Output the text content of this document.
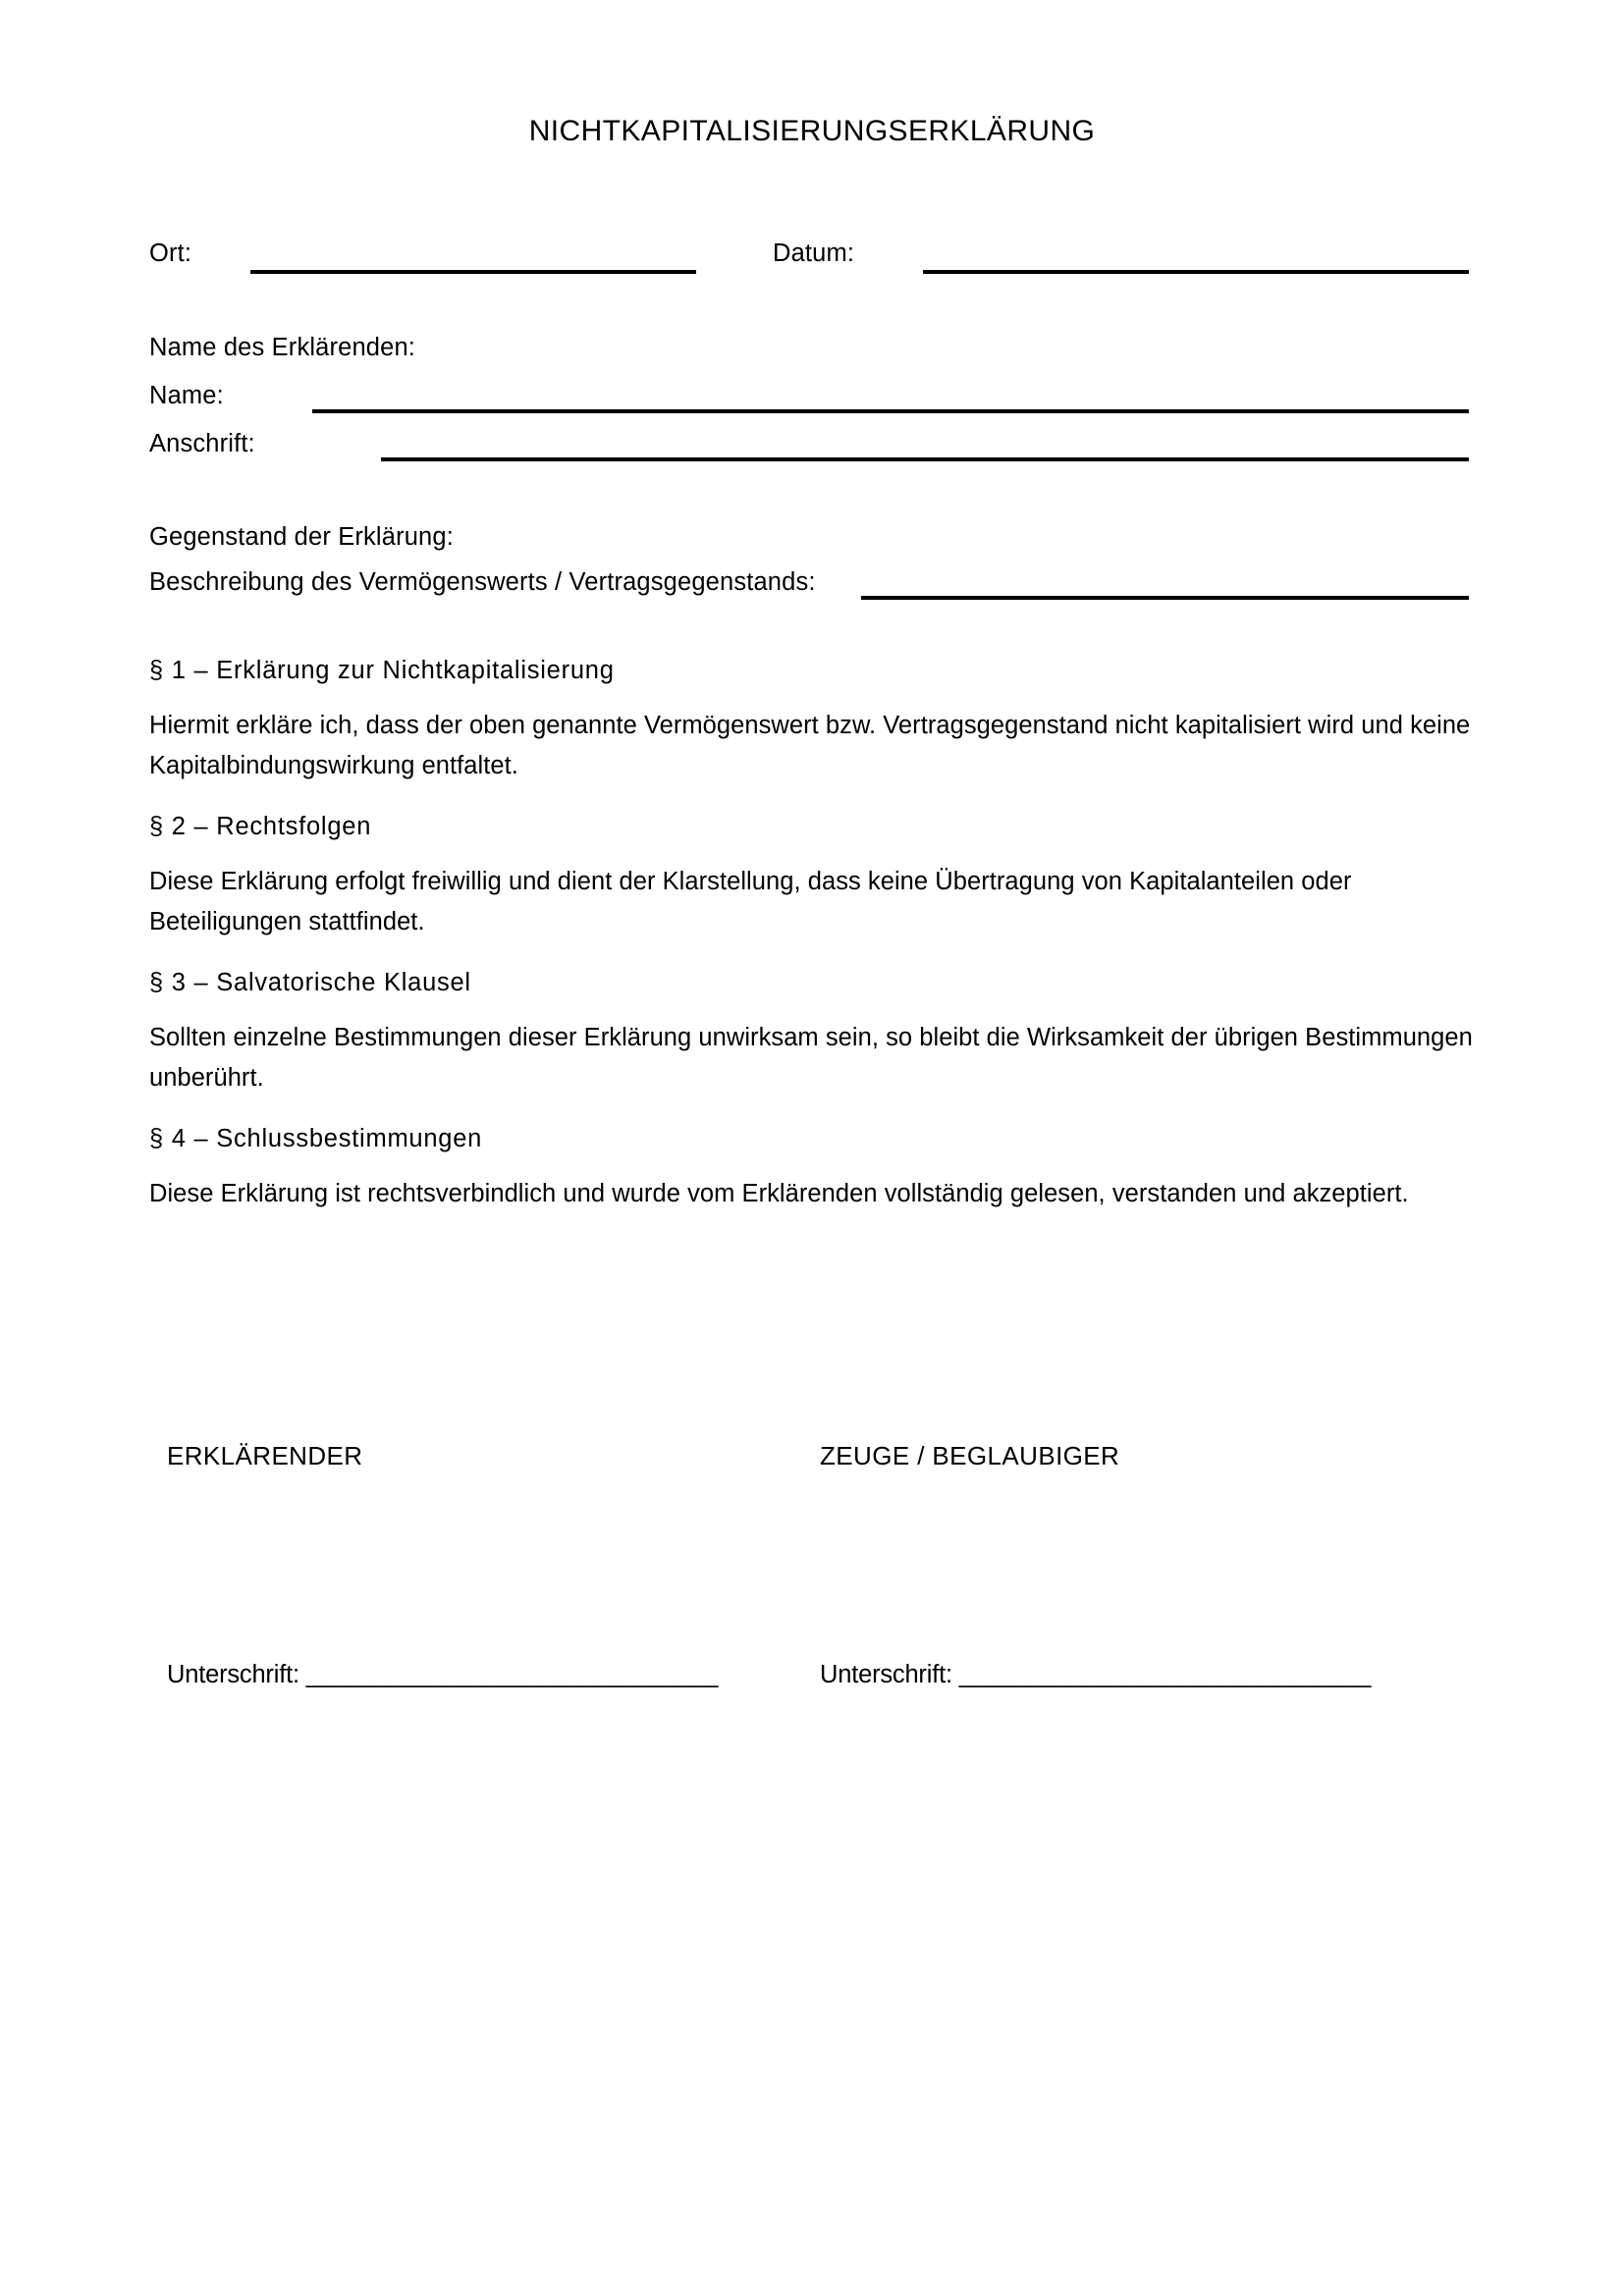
NICHTKAPITALISIERUNGSERKLÄRUNG
Ort:	Datum:
Name des Erklärenden:
Name:
Anschrift:
Gegenstand der Erklärung:
Beschreibung des Vermögenswerts / Vertragsgegenstands:
§ 1 – Erklärung zur Nichtkapitalisierung
Hiermit erkläre ich, dass der oben genannte Vermögenswert bzw. Vertragsgegenstand nicht kapitalisiert wird und keine Kapitalbindungswirkung entfaltet.
§ 2 – Rechtsfolgen
Diese Erklärung erfolgt freiwillig und dient der Klarstellung, dass keine Übertragung von Kapitalanteilen oder Beteiligungen stattfindet.
§ 3 – Salvatorische Klausel
Sollten einzelne Bestimmungen dieser Erklärung unwirksam sein, so bleibt die Wirksamkeit der übrigen Bestimmungen unberührt.
§ 4 – Schlussbestimmungen
Diese Erklärung ist rechtsverbindlich und wurde vom Erklärenden vollständig gelesen, verstanden und akzeptiert.
ERKLÄRENDER	ZEUGE / BEGLAUBIGER
Unterschrift: ______________________________	Unterschrift: ______________________________
